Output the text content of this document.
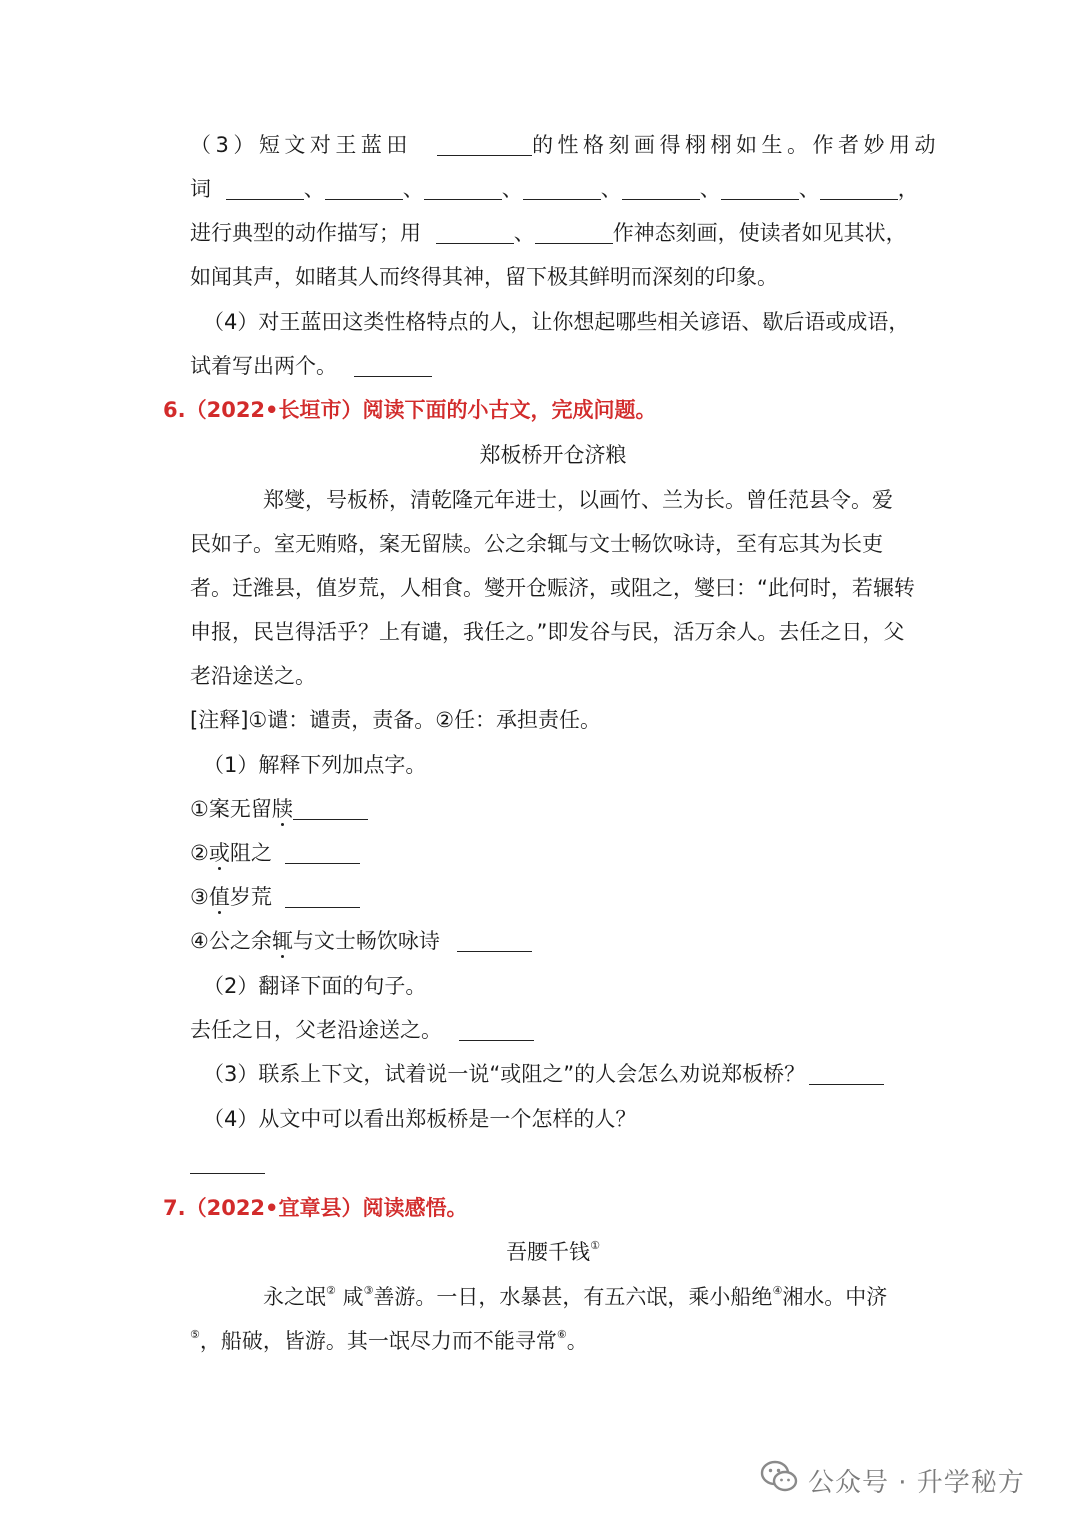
（3）短文对王蓝田	的性格刻画得栩栩如生。作者妙用动
词	、	、	、	、	、	、	，
进行典型的动作描写；用	、	作神态刻画，使读者如见其状，
如闻其声，如睹其人而终得其神，留下极其鲜明而深刻的印象。
（4）对王蓝田这类性格特点的人，让你想起哪些相关谚语、歇后语或成语，
试着写出两个。
6.（2022•长垣市）阅读下面的小古文，完成问题。
郑板桥开仓济粮
郑燮，号板桥，清乾隆元年进士，以画竹、兰为长。曾任范县令。爱
民如子。室无贿赂，案无留牍。公之余辄与文士畅饮咏诗，至有忘其为长吏
者。迁潍县，值岁荒，人相食。燮开仓赈济，或阻之，燮曰：“此何时，若辗转
申报，民岂得活乎？上有谴，我任之。”即发谷与民，活万余人。去任之日，父
老沿途送之。
[注释]①谴：谴责，责备。②任：承担责任。
（1）解释下列加点字。
①案无留牍
②或阻之
③值岁荒
④公之余辄与文士畅饮咏诗
（2）翻译下面的句子。
去任之日，父老沿途送之。
（3）联系上下文，试着说一说“或阻之”的人会怎么劝说郑板桥？
（4）从文中可以看出郑板桥是一个怎样的人？
7.（2022•宜章县）阅读感悟。
吾腰千钱①
永之氓② 咸③善游。一日，水暴甚，有五六氓，乘小船绝④湘水。中济
⑤，船破，皆游。其一氓尽力而不能寻常⑥。
公众号 · 升学秘方
